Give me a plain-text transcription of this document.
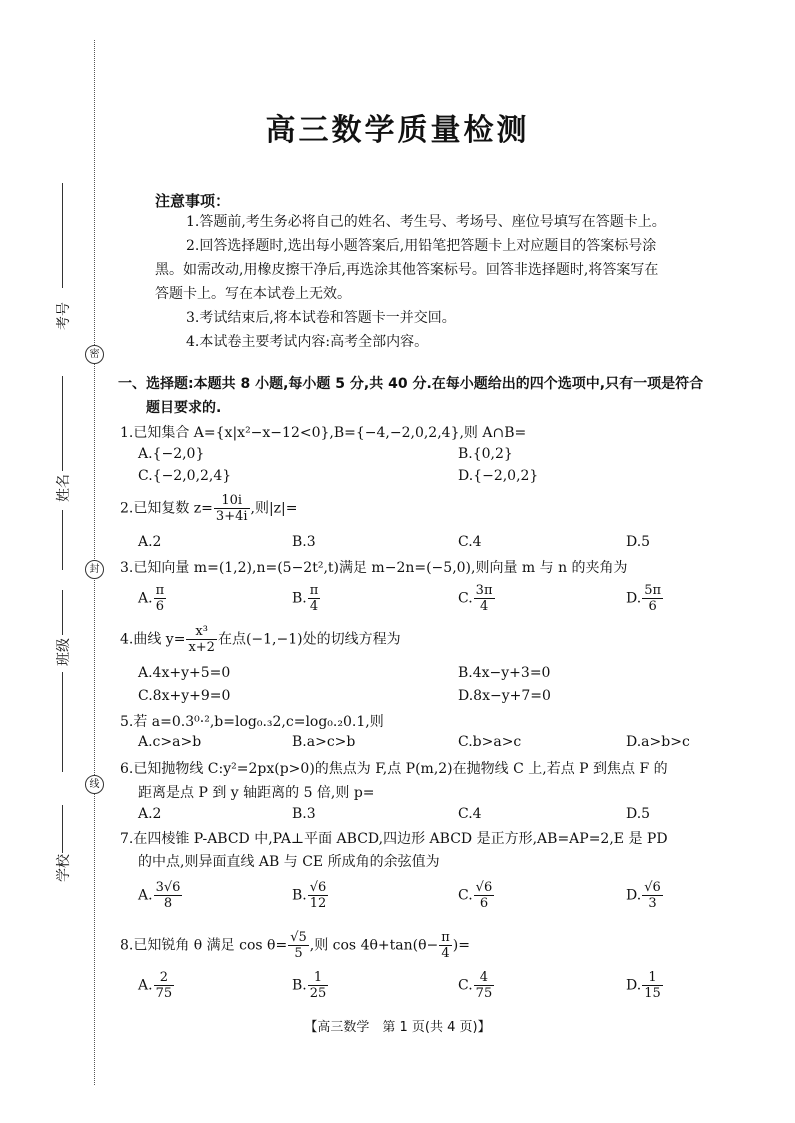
考号
密
姓名
封
班级
线
学校
高三数学质量检测
注意事项：
1.答题前,考生务必将自己的姓名、考生号、考场号、座位号填写在答题卡上。
2.回答选择题时,选出每小题答案后,用铅笔把答题卡上对应题目的答案标号涂
黑。如需改动,用橡皮擦干净后,再选涂其他答案标号。回答非选择题时,将答案写在
答题卡上。写在本试卷上无效。
3.考试结束后,将本试卷和答题卡一并交回。
4.本试卷主要考试内容:高考全部内容。
一、选择题:本题共 8 小题,每小题 5 分,共 40 分.在每小题给出的四个选项中,只有一项是符合
题目要求的.
1.已知集合 A={x|x²−x−12<0},B={−4,−2,0,2,4},则 A∩B=
A.{−2,0}	B.{0,2}
C.{−2,0,2,4}	D.{−2,0,2}
2.已知复数 $z= \frac{10i}{3+4i}$ ,则|z|=
A.2	B.3	C.4	D.5
3.已知向量 m=(1,2),n=(5−2t²,t)满足 m−2n=(−5,0),则向量 m 与 n 的夹角为
A. $\frac{\pi}{6}$	B. $\frac{\pi}{4}$	C. $\frac{3\pi}{4}$	D. $\frac{5\pi}{6}$
4.曲线 $y= \frac{\text{x³}}{x+2}$ 在点(−1,−1)处的切线方程为
A.4x+y+5=0	B.4x−y+3=0
C.8x+y+9=0	D.8x−y+7=0
5.若 a=0.3⁰·²,b=log₀.₃2,c=log₀.₂0.1,则
A.c>a>b	B.a>c>b	C.b>a>c	D.a>b>c
6.已知抛物线 C:y²=2px(p>0)的焦点为 F,点 P(m,2)在抛物线 C 上,若点 P 到焦点 F 的
距离是点 P 到 y 轴距离的 5 倍,则 p=
A.2	B.3	C.4	D.5
7.在四棱锥 P-ABCD 中,PA⊥平面 ABCD,四边形 ABCD 是正方形,AB=AP=2,E 是 PD
的中点,则异面直线 AB 与 CE 所成角的余弦值为
A. $\frac{3√6}{8}$	B. $\frac{√6}{12}$	C. $\frac{√6}{6}$	D. $\frac{√6}{3}$
8.已知锐角 θ 满足 $\cos \theta= \frac{√5}{5}$ ,则 $\cos 4\theta+\tan(\theta- \frac{\pi}{4}$ )=
A. $\frac{2}{75}$	B. $\frac{1}{25}$	C. $\frac{4}{75}$	D. $\frac{1}{15}$
【高三数学　第 1 页(共 4 页)】
